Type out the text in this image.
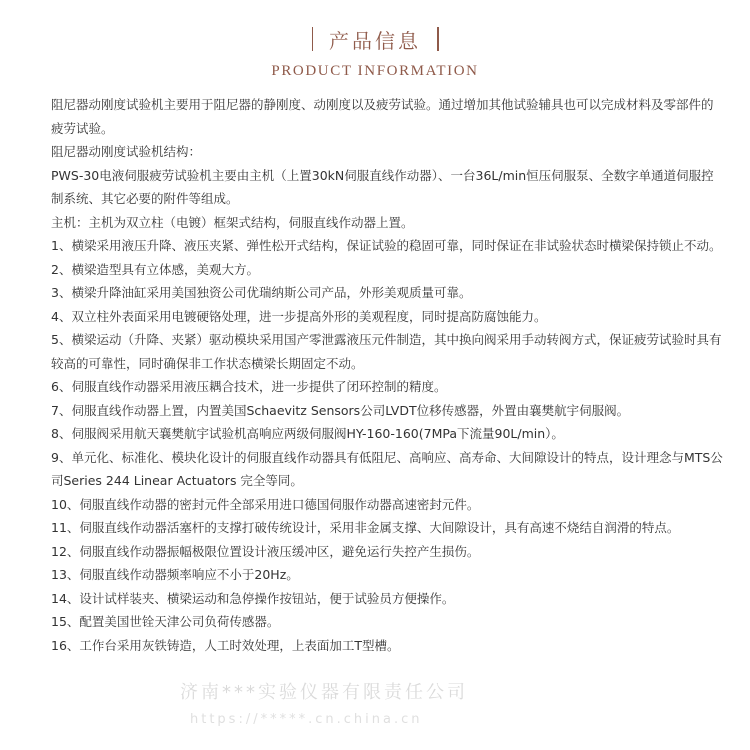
产品信息
PRODUCT INFORMATION

阻尼器动刚度试验机主要用于阻尼器的静刚度、动刚度以及疲劳试验。通过增加其他试验辅具也可以完成材料及零部件的疲劳试验。

阻尼器动刚度试验机结构：

PWS-30电液伺服疲劳试验机主要由主机（上置30kN伺服直线作动器）、一台36L/min恒压伺服泵、全数字单通道伺服控制系统、其它必要的附件等组成。

主机：主机为双立柱（电镀）框架式结构，伺服直线作动器上置。

1、横梁采用液压升降、液压夹紧、弹性松开式结构，保证试验的稳固可靠，同时保证在非试验状态时横梁保持锁止不动。

2、横梁造型具有立体感，美观大方。

3、横梁升降油缸采用美国独资公司优瑞纳斯公司产品，外形美观质量可靠。

4、双立柱外表面采用电镀硬铬处理，进一步提高外形的美观程度，同时提高防腐蚀能力。

5、横梁运动（升降、夹紧）驱动模块采用国产零泄露液压元件制造，其中换向阀采用手动转阀方式，保证疲劳试验时具有较高的可靠性，同时确保非工作状态横梁长期固定不动。

6、伺服直线作动器采用液压耦合技术，进一步提供了闭环控制的精度。

7、伺服直线作动器上置，内置美国Schaevitz Sensors公司LVDT位移传感器，外置由襄樊航宇伺服阀。

8、伺服阀采用航天襄樊航宇试验机高响应两级伺服阀HY-160-160(7MPa下流量90L/min）。

9、单元化、标准化、模块化设计的伺服直线作动器具有低阻尼、高响应、高寿命、大间隙设计的特点，设计理念与MTS公司Series 244 Linear Actuators 完全等同。

10、伺服直线作动器的密封元件全部采用进口德国伺服作动器高速密封元件。

11、伺服直线作动器活塞杆的支撑打破传统设计，采用非金属支撑、大间隙设计，具有高速不烧结自润滑的特点。

12、伺服直线作动器振幅极限位置设计液压缓冲区，避免运行失控产生损伤。

13、伺服直线作动器频率响应不小于20Hz。

14、设计试样装夹、横梁运动和急停操作按钮站，便于试验员方便操作。

15、配置美国世铨天津公司负荷传感器。

16、工作台采用灰铁铸造，人工时效处理，上表面加工T型槽。

济南***实验仪器有限责任公司
https://*****.cn.china.cn
